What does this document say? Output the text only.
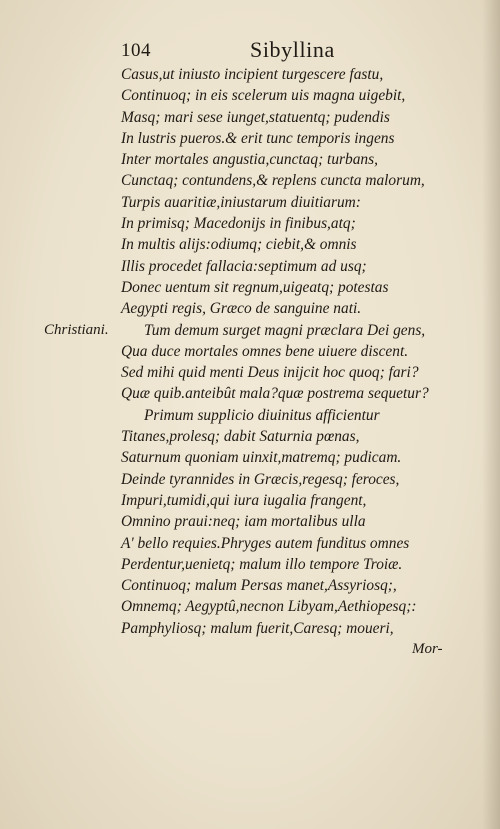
104	Sibyllina
Casus,ut iniusto incipient turgescere fastu,
Continuoq; in eis scelerum uis magna uigebit,
Masq; mari sese iunget,statuentq; pudendis
In lustris pueros.& erit tunc temporis ingens
Inter mortales angustia,cunctaq; turbans,
Cunctaq; contundens,& replens cuncta malorum,
Turpis auaritiæ,iniustarum diuitiarum:
In primisq; Macedonijs in finibus,atq;
In multis alijs:odiumq; ciebit,& omnis
Illis procedet fallacia:septimum ad usq;
Donec uentum sit regnum,uigeatq; potestas
Aegypti regis, Græco de sanguine nati.
Christiani. Tum demum surget magni præclara Dei gens,
Qua duce mortales omnes bene uiuere discent.
Sed mihi quid menti Deus inijcit hoc quoq; fari?
Quæ quib.anteibût mala?quæ postrema sequetur?
Primum supplicio diuinitus afficientur
Titanes,prolesq; dabit Saturnia pœnas,
Saturnum quoniam uinxit,matremq; pudicam.
Deinde tyrannides in Græcis,regesq; feroces,
Impuri,tumidi,qui iura iugalia frangent,
Omnino praui:neq; iam mortalibus ulla
A' bello requies.Phryges autem funditus omnes
Perdentur,uenietq; malum illo tempore Troiæ.
Continuoq; malum Persas manet,Assyriosq;,
Omnemq; Aegyptû,necnon Libyam,Aethiopesq;:
Pamphyliosq; malum fuerit,Caresq; moueri,
Mor-
